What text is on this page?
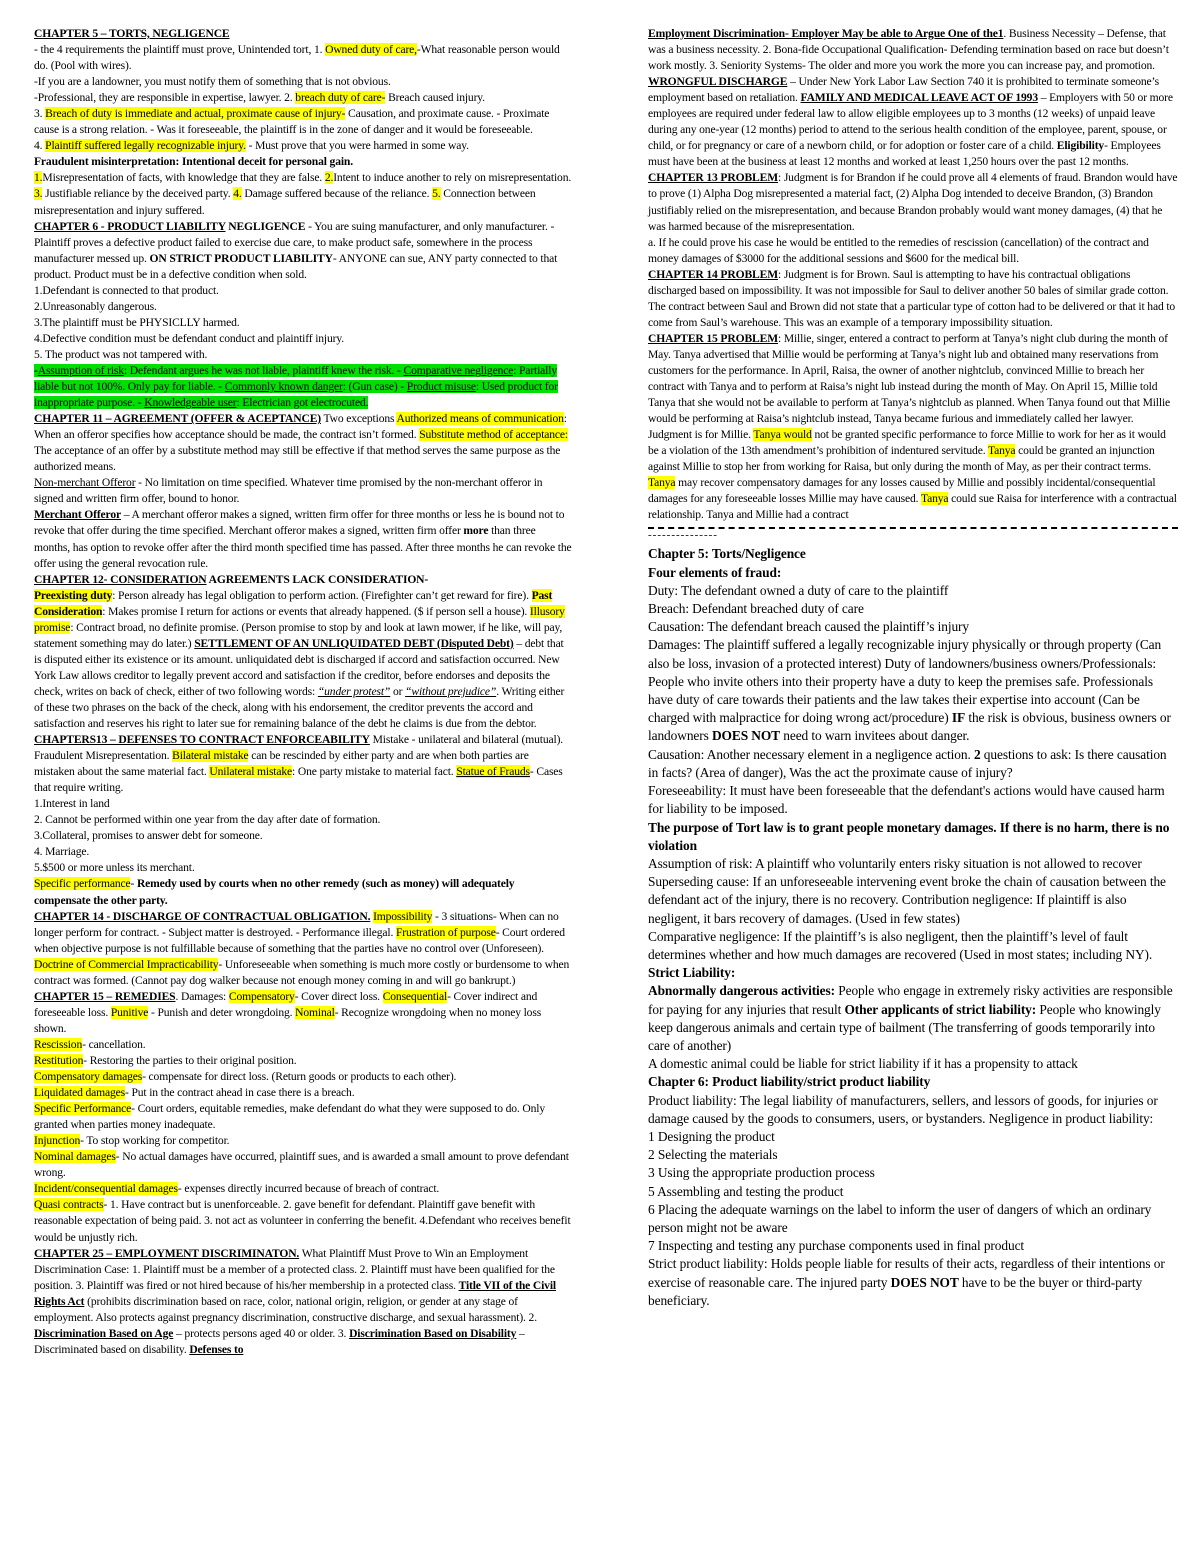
CHAPTER 5 – TORTS, NEGLIGENCE
- the 4 requirements the plaintiff must prove, Unintended tort, 1. Owned duty of care,-What reasonable person would do. (Pool with wires).
-If you are a landowner, you must notify them of something that is not obvious.
-Professional, they are responsible in expertise, lawyer. 2. breach duty of care- Breach caused injury.
3. Breach of duty is immediate and actual, proximate cause of injury- Causation, and proximate cause. - Proximate cause is a strong relation. - Was it foreseeable, the plaintiff is in the zone of danger and it would be foreseeable.
4. Plaintiff suffered legally recognizable injury. - Must prove that you were harmed in some way.
Fraudulent misinterpretation: Intentional deceit for personal gain.
1.Misrepresentation of facts, with knowledge that they are false. 2.Intent to induce another to rely on misrepresentation. 3. Justifiable reliance by the deceived party. 4. Damage suffered because of the reliance. 5. Connection between misrepresentation and injury suffered.
CHAPTER 6 - PRODUCT LIABILITY NEGLIGENCE - You are suing manufacturer, and only manufacturer. - Plaintiff proves a defective product failed to exercise due care, to make product safe, somewhere in the process manufacturer messed up. ON STRICT PRODUCT LIABILITY- ANYONE can sue, ANY party connected to that product. Product must be in a defective condition when sold.
1.Defendant is connected to that product.
2.Unreasonably dangerous.
3.The plaintiff must be PHYSICLLY harmed.
4.Defective condition must be defendant conduct and plaintiff injury.
5. The product was not tampered with.
-Assumption of risk: Defendant argues he was not liable, plaintiff knew the risk. - Comparative negligence: Partially liable but not 100%. Only pay for liable. - Commonly known danger: (Gun case) - Product misuse: Used product for inappropriate purpose. - Knowledgeable user: Electrician got electrocuted.
CHAPTER 11 – AGREEMENT (OFFER & ACEPTANCE) Two exceptions Authorized means of communication: When an offeror specifies how acceptance should be made, the contract isn’t formed. Substitute method of acceptance: The acceptance of an offer by a substitute method may still be effective if that method serves the same purpose as the authorized means.
Non-merchant Offeror - No limitation on time specified. Whatever time promised by the non-merchant offeror in signed and written firm offer, bound to honor.
Merchant Offeror – A merchant offeror makes a signed, written firm offer for three months or less he is bound not to revoke that offer during the time specified. Merchant offeror makes a signed, written firm offer more than three months, has option to revoke offer after the third month specified time has passed. After three months he can revoke the offer using the general revocation rule.
CHAPTER 12- CONSIDERATION AGREEMENTS LACK CONSIDERATION-
Preexisting duty: Person already has legal obligation to perform action. (Firefighter can’t get reward for fire). Past Consideration: Makes promise I return for actions or events that already happened. ($ if person sell a house). Illusory promise: Contract broad, no definite promise. (Person promise to stop by and look at lawn mower, if he like, will pay, statement something may do later.) SETTLEMENT OF AN UNLIQUIDATED DEBT (Disputed Debt) – debt that is disputed either its existence or its amount. unliquidated debt is discharged if accord and satisfaction occurred. New York Law allows creditor to legally prevent accord and satisfaction if the creditor, before endorses and deposits the check, writes on back of check, either of two following words: “under protest” or “without prejudice”. Writing either of these two phrases on the back of the check, along with his endorsement, the creditor prevents the accord and satisfaction and reserves his right to later sue for remaining balance of the debt he claims is due from the debtor.
CHAPTERS13 – DEFENSES TO CONTRACT ENFORCEABILITY Mistake - unilateral and bilateral (mutual). Fraudulent Misrepresentation. Bilateral mistake can be rescinded by either party and are when both parties are mistaken about the same material fact. Unilateral mistake: One party mistake to material fact. Statue of Frauds- Cases that require writing.
1.Interest in land
2. Cannot be performed within one year from the day after date of formation.
3.Collateral, promises to answer debt for someone.
4. Marriage.
5.$500 or more unless its merchant.
Specific performance- Remedy used by courts when no other remedy (such as money) will adequately compensate the other party.
CHAPTER 14 - DISCHARGE OF CONTRACTUAL OBLIGATION. Impossibility - 3 situations- When can no longer perform for contract. - Subject matter is destroyed. - Performance illegal. Frustration of purpose- Court ordered when objective purpose is not fulfillable because of something that the parties have no control over (Unforeseen). Doctrine of Commercial Impracticability- Unforeseeable when something is much more costly or burdensome to when contract was formed. (Cannot pay dog walker because not enough money coming in and will go bankrupt.)
CHAPTER 15 – REMEDIES. Damages: Compensatory- Cover direct loss. Consequential- Cover indirect and foreseeable loss. Punitive - Punish and deter wrongdoing. Nominal- Recognize wrongdoing when no money loss shown.
Rescission- cancellation.
Restitution- Restoring the parties to their original position.
Compensatory damages- compensate for direct loss. (Return goods or products to each other).
Liquidated damages- Put in the contract ahead in case there is a breach.
Specific Performance- Court orders, equitable remedies, make defendant do what they were supposed to do. Only granted when parties money inadequate.
Injunction- To stop working for competitor.
Nominal damages- No actual damages have occurred, plaintiff sues, and is awarded a small amount to prove defendant wrong.
Incident/consequential damages- expenses directly incurred because of breach of contract.
Quasi contracts- 1. Have contract but is unenforceable. 2. gave benefit for defendant. Plaintiff gave benefit with reasonable expectation of being paid. 3. not act as volunteer in conferring the benefit. 4.Defendant who receives benefit would be unjustly rich.
CHAPTER 25 – EMPLOYMENT DISCRIMINATON. What Plaintiff Must Prove to Win an Employment Discrimination Case: 1. Plaintiff must be a member of a protected class. 2. Plaintiff must have been qualified for the position. 3. Plaintiff was fired or not hired because of his/her membership in a protected class. Title VII of the Civil Rights Act (prohibits discrimination based on race, color, national origin, religion, or gender at any stage of employment. Also protects against pregnancy discrimination, constructive discharge, and sexual harassment). 2. Discrimination Based on Age – protects persons aged 40 or older. 3. Discrimination Based on Disability – Discriminated based on disability. Defenses to
Employment Discrimination- Employer May be able to Argue One of the1. Business Necessity – Defense, that was a business necessity. 2. Bona-fide Occupational Qualification- Defending termination based on race but doesn’t work mostly. 3. Seniority Systems- The older and more you work the more you can increase pay, and promotion. WRONGFUL DISCHARGE – Under New York Labor Law Section 740 it is prohibited to terminate someone’s employment based on retaliation. FAMILY AND MEDICAL LEAVE ACT OF 1993 – Employers with 50 or more employees are required under federal law to allow eligible employees up to 3 months (12 weeks) of unpaid leave during any one-year (12 months) period to attend to the serious health condition of the employee, parent, spouse, or child, or for pregnancy or care of a newborn child, or for adoption or foster care of a child. Eligibility- Employees must have been at the business at least 12 months and worked at least 1,250 hours over the past 12 months.
CHAPTER 13 PROBLEM: Judgment is for Brandon if he could prove all 4 elements of fraud. Brandon would have to prove (1) Alpha Dog misrepresented a material fact, (2) Alpha Dog intended to deceive Brandon, (3) Brandon justifiably relied on the misrepresentation, and because Brandon probably would want money damages, (4) that he was harmed because of the misrepresentation.
a. If he could prove his case he would be entitled to the remedies of rescission (cancellation) of the contract and money damages of $3000 for the additional sessions and $600 for the medical bill.
CHAPTER 14 PROBLEM: Judgment is for Brown. Saul is attempting to have his contractual obligations discharged based on impossibility. It was not impossible for Saul to deliver another 50 bales of similar grade cotton. The contract between Saul and Brown did not state that a particular type of cotton had to be delivered or that it had to come from Saul’s warehouse. This was an example of a temporary impossibility situation.
CHAPTER 15 PROBLEM: Millie, singer, entered a contract to perform at Tanya’s night club during the month of May. Tanya advertised that Millie would be performing at Tanya’s night lub and obtained many reservations from customers for the performance. In April, Raisa, the owner of another nightclub, convinced Millie to breach her contract with Tanya and to perform at Raisa’s night lub instead during the month of May. On April 15, Millie told Tanya that she would not be available to perform at Tanya’s nightclub as planned. When Tanya found out that Millie would be performing at Raisa’s nightclub instead, Tanya became furious and immediately called her lawyer. Judgment is for Millie. Tanya would not be granted specific performance to force Millie to work for her as it would be a violation of the 13th amendment’s prohibition of indentured servitude. Tanya could be granted an injunction against Millie to stop her from working for Raisa, but only during the month of May, as per their contract terms.
Tanya may recover compensatory damages for any losses caused by Millie and possibly incidental/consequential damages for any foreseeable losses Millie may have caused. Tanya could sue Raisa for interference with a contractual relationship. Tanya and Millie had a contract
---------------
Chapter 5: Torts/Negligence
Four elements of fraud:
Duty: The defendant owned a duty of care to the plaintiff
Breach: Defendant breached duty of care
Causation: The defendant breach caused the plaintiff’s injury
Damages: The plaintiff suffered a legally recognizable injury physically or through property (Can also be loss, invasion of a protected interest) Duty of landowners/business owners/Professionals: People who invite others into their property have a duty to keep the premises safe. Professionals have duty of care towards their patients and the law takes their expertise into account (Can be charged with malpractice for doing wrong act/procedure) IF the risk is obvious, business owners or landowners DOES NOT need to warn invitees about danger.
Causation: Another necessary element in a negligence action. 2 questions to ask: Is there causation in facts? (Area of danger), Was the act the proximate cause of injury?
Foreseeability: It must have been foreseeable that the defendant's actions would have caused harm for liability to be imposed.
The purpose of Tort law is to grant people monetary damages. If there is no harm, there is no violation
Assumption of risk: A plaintiff who voluntarily enters risky situation is not allowed to recover
Superseding cause: If an unforeseeable intervening event broke the chain of causation between the defendant act of the injury, there is no recovery. Contribution negligence: If plaintiff is also negligent, it bars recovery of damages. (Used in few states)
Comparative negligence: If the plaintiff’s is also negligent, then the plaintiff’s level of fault determines whether and how much damages are recovered (Used in most states; including NY).
Strict Liability:
Abnormally dangerous activities: People who engage in extremely risky activities are responsible for paying for any injuries that result Other applicants of strict liability: People who knowingly keep dangerous animals and certain type of bailment (The transferring of goods temporarily into care of another)
A domestic animal could be liable for strict liability if it has a propensity to attack
Chapter 6: Product liability/strict product liability
Product liability: The legal liability of manufacturers, sellers, and lessors of goods, for injuries or damage caused by the goods to consumers, users, or bystanders. Negligence in product liability:
1 Designing the product
2 Selecting the materials
3 Using the appropriate production process
5 Assembling and testing the product
6 Placing the adequate warnings on the label to inform the user of dangers of which an ordinary person might not be aware
7 Inspecting and testing any purchase components used in final product
Strict product liability: Holds people liable for results of their acts, regardless of their intentions or exercise of reasonable care. The injured party DOES NOT have to be the buyer or third-party beneficiary.
